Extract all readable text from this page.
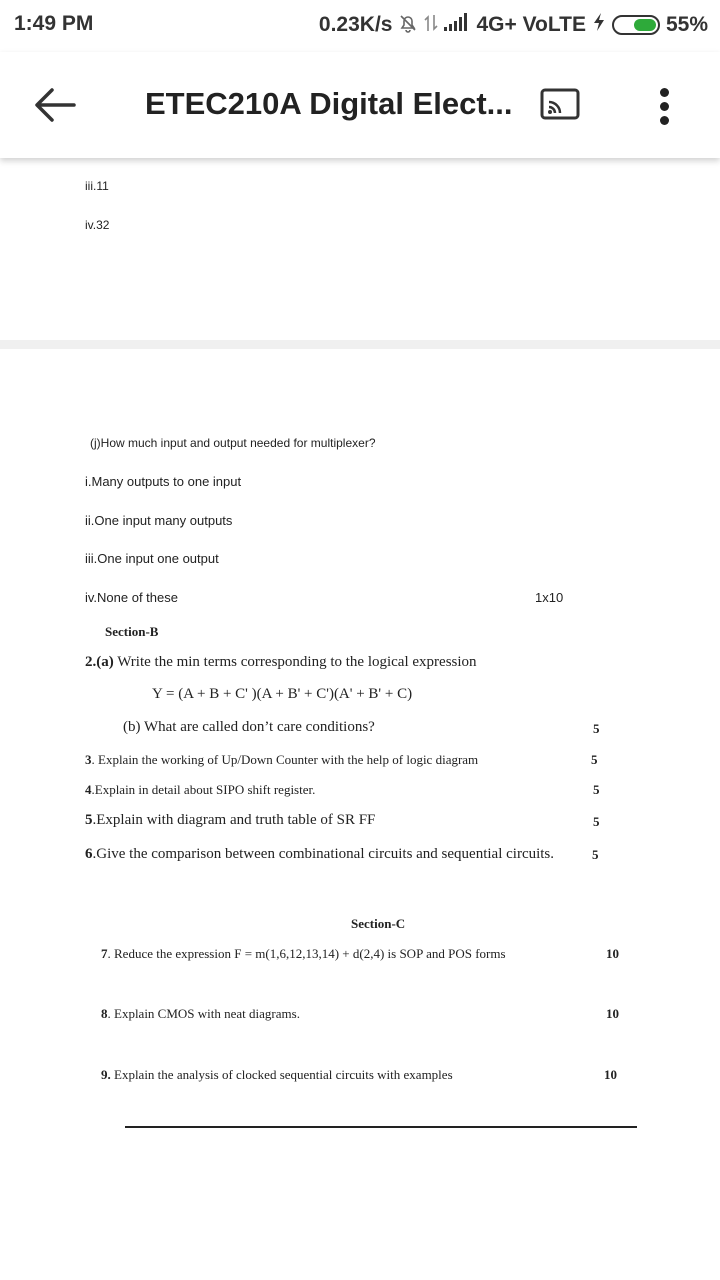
1:49 PM	0.23K/s	4G+ VoLTE	55%
ETEC210A Digital Elect...
iii.11
iv.32
(j)How much input and output needed for multiplexer?
i.Many outputs to one input
ii.One input many outputs
iii.One input one output
iv.None of these	1x10
Section-B
2.(a) Write the min terms corresponding to the logical expression
Y = (A + B + C' )(A + B' + C')(A' + B' + C)
(b) What are called don’t care conditions?	5
3. Explain the working of Up/Down Counter with the help of logic diagram	5
4.Explain in detail about SIPO shift register.	5
5.Explain with diagram and truth table of SR FF	5
6.Give the comparison between combinational circuits and sequential circuits.	5
Section-C
7. Reduce the expression F = m(1,6,12,13,14) + d(2,4) is SOP and POS forms	10
8. Explain CMOS with neat diagrams.	10
9. Explain the analysis of clocked sequential circuits with examples	10
